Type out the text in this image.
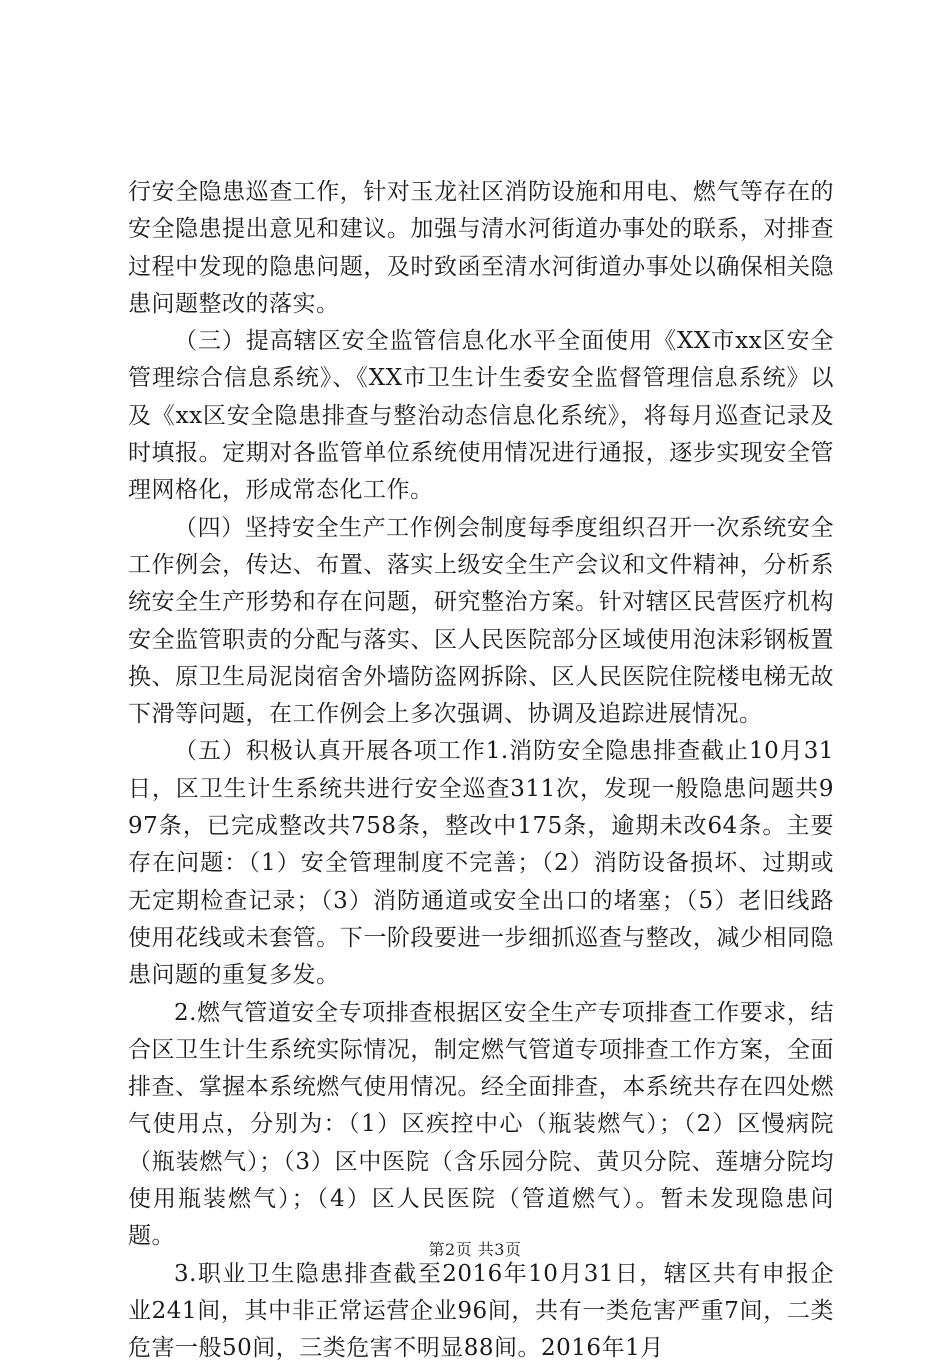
行安全隐患巡查工作，针对玉龙社区消防设施和用电、燃气等存在的安全隐患提出意见和建议。加强与清水河街道办事处的联系，对排查过程中发现的隐患问题，及时致函至清水河街道办事处以确保相关隐患问题整改的落实。

（三）提高辖区安全监管信息化水平全面使用《XX市xx区安全管理综合信息系统》、《XX市卫生计生委安全监督管理信息系统》以及《xx区安全隐患排查与整治动态信息化系统》，将每月巡查记录及时填报。定期对各监管单位系统使用情况进行通报，逐步实现安全管理网格化，形成常态化工作。

（四）坚持安全生产工作例会制度每季度组织召开一次系统安全工作例会，传达、布置、落实上级安全生产会议和文件精神，分析系统安全生产形势和存在问题，研究整治方案。针对辖区民营医疗机构安全监管职责的分配与落实、区人民医院部分区域使用泡沫彩钢板置换、原卫生局泥岗宿舍外墙防盗网拆除、区人民医院住院楼电梯无故下滑等问题，在工作例会上多次强调、协调及追踪进展情况。

（五）积极认真开展各项工作1.消防安全隐患排查截止10月31日，区卫生计生系统共进行安全巡查311次，发现一般隐患问题共997条，已完成整改共758条，整改中175条，逾期未改64条。主要存在问题：（1）安全管理制度不完善；（2）消防设备损坏、过期或无定期检查记录；（3）消防通道或安全出口的堵塞；（5）老旧线路使用花线或未套管。下一阶段要进一步细抓巡查与整改，减少相同隐患问题的重复多发。

2.燃气管道安全专项排查根据区安全生产专项排查工作要求，结合区卫生计生系统实际情况，制定燃气管道专项排查工作方案，全面排查、掌握本系统燃气使用情况。经全面排查，本系统共存在四处燃气使用点，分别为：（1）区疾控中心（瓶装燃气）；（2）区慢病院（瓶装燃气）；（3）区中医院（含乐园分院、黄贝分院、莲塘分院均使用瓶装燃气）；（4）区人民医院（管道燃气）。暂未发现隐患问题。

3.职业卫生隐患排查截至2016年10月31日，辖区共有申报企业241间，其中非正常运营企业96间，共有一类危害严重7间，二类危害一般50间，三类危害不明显88间。2016年1月

第2页 共3页
